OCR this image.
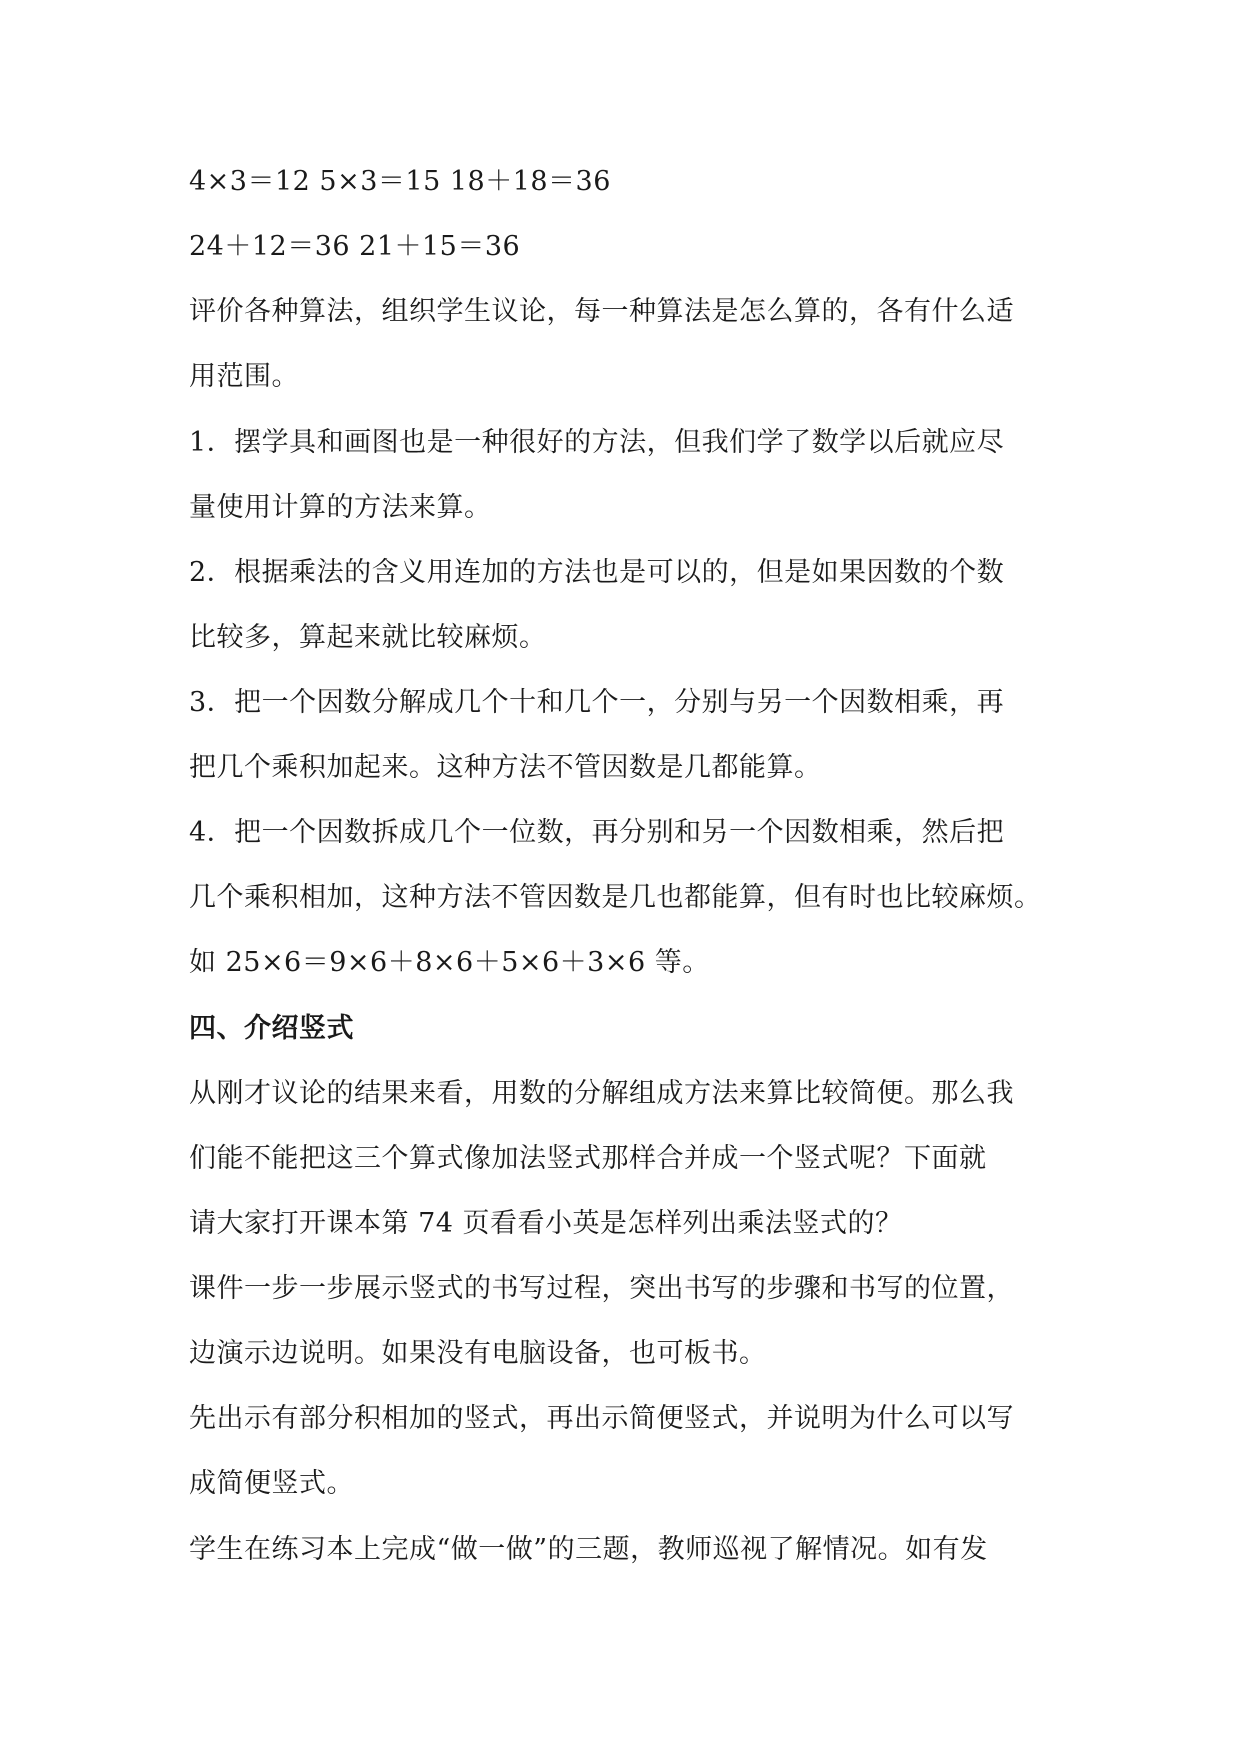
4×3＝12 5×3＝15 18＋18＝36
24＋12＝36 21＋15＝36
评价各种算法，组织学生议论，每一种算法是怎么算的，各有什么适
用范围。
1．摆学具和画图也是一种很好的方法，但我们学了数学以后就应尽
量使用计算的方法来算。
2．根据乘法的含义用连加的方法也是可以的，但是如果因数的个数
比较多，算起来就比较麻烦。
3．把一个因数分解成几个十和几个一，分别与另一个因数相乘，再
把几个乘积加起来。这种方法不管因数是几都能算。
4．把一个因数拆成几个一位数，再分别和另一个因数相乘，然后把
几个乘积相加，这种方法不管因数是几也都能算，但有时也比较麻烦。
如 25×6＝9×6＋8×6＋5×6＋3×6 等。
四、介绍竖式
从刚才议论的结果来看，用数的分解组成方法来算比较简便。那么我
们能不能把这三个算式像加法竖式那样合并成一个竖式呢？下面就
请大家打开课本第 74 页看看小英是怎样列出乘法竖式的？
课件一步一步展示竖式的书写过程，突出书写的步骤和书写的位置，
边演示边说明。如果没有电脑设备，也可板书。
先出示有部分积相加的竖式，再出示简便竖式，并说明为什么可以写
成简便竖式。
学生在练习本上完成“做一做”的三题，教师巡视了解情况。如有发
